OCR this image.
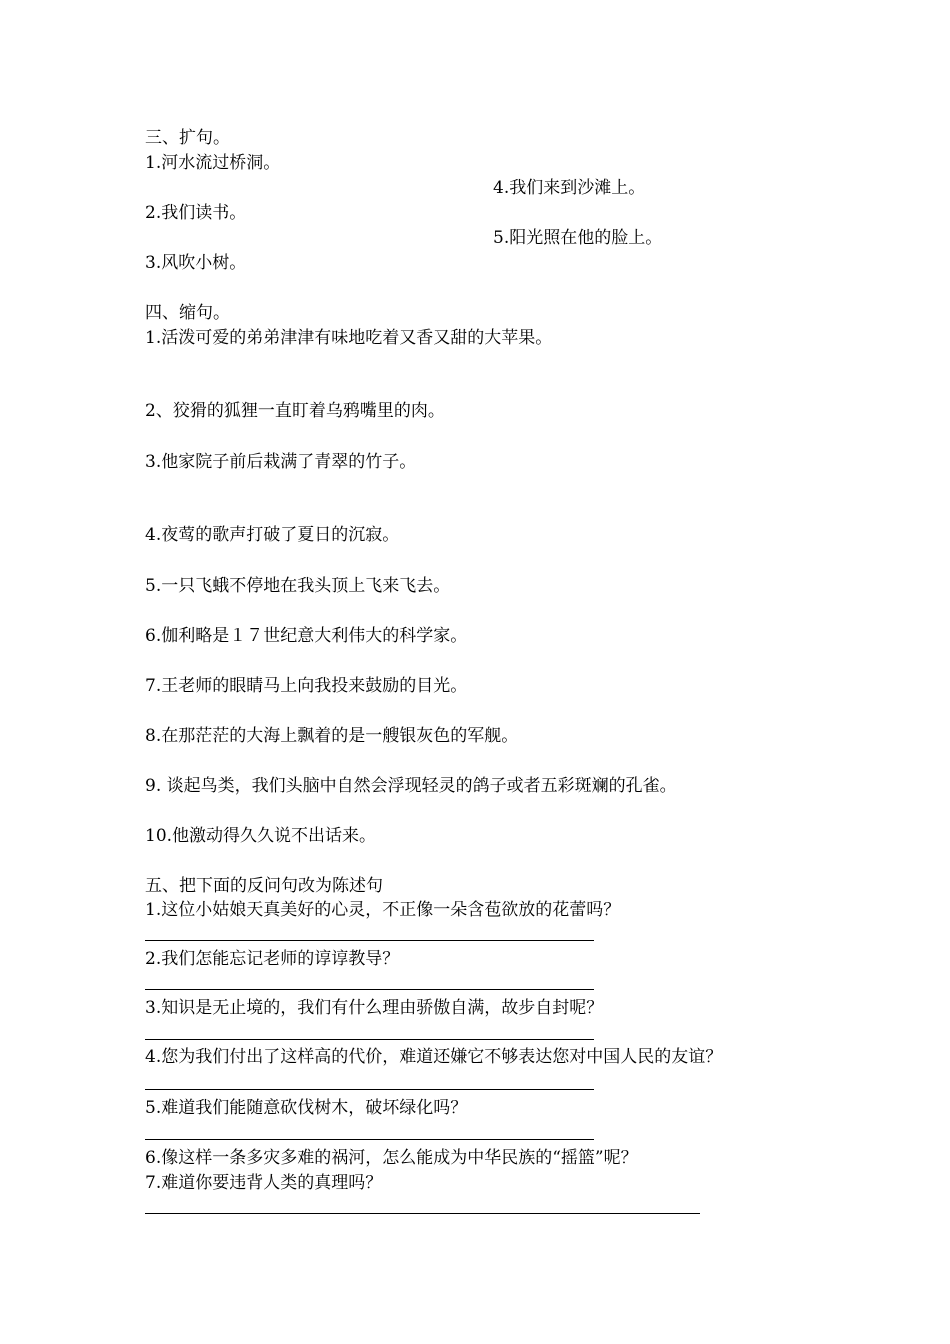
三、扩句。
1.河水流过桥洞。
4.我们来到沙滩上。
2.我们读书。
5.阳光照在他的脸上。
3.风吹小树。
四、缩句。
1.活泼可爱的弟弟津津有味地吃着又香又甜的大苹果。
2、狡猾的狐狸一直盯着乌鸦嘴里的肉。
3.他家院子前后栽满了青翠的竹子。
4.夜莺的歌声打破了夏日的沉寂。
5.一只飞蛾不停地在我头顶上飞来飞去。
6.伽利略是１７世纪意大利伟大的科学家。
7.王老师的眼睛马上向我投来鼓励的目光。
8.在那茫茫的大海上飘着的是一艘银灰色的军舰。
9. 谈起鸟类，我们头脑中自然会浮现轻灵的鸽子或者五彩斑斓的孔雀。
10.他激动得久久说不出话来。
五、把下面的反问句改为陈述句
1.这位小姑娘天真美好的心灵，不正像一朵含苞欲放的花蕾吗？
2.我们怎能忘记老师的谆谆教导？
3.知识是无止境的，我们有什么理由骄傲自满，故步自封呢？
4.您为我们付出了这样高的代价，难道还嫌它不够表达您对中国人民的友谊？
5.难道我们能随意砍伐树木，破坏绿化吗？
6.像这样一条多灾多难的祸河，怎么能成为中华民族的“摇篮”呢？
7.难道你要违背人类的真理吗？
